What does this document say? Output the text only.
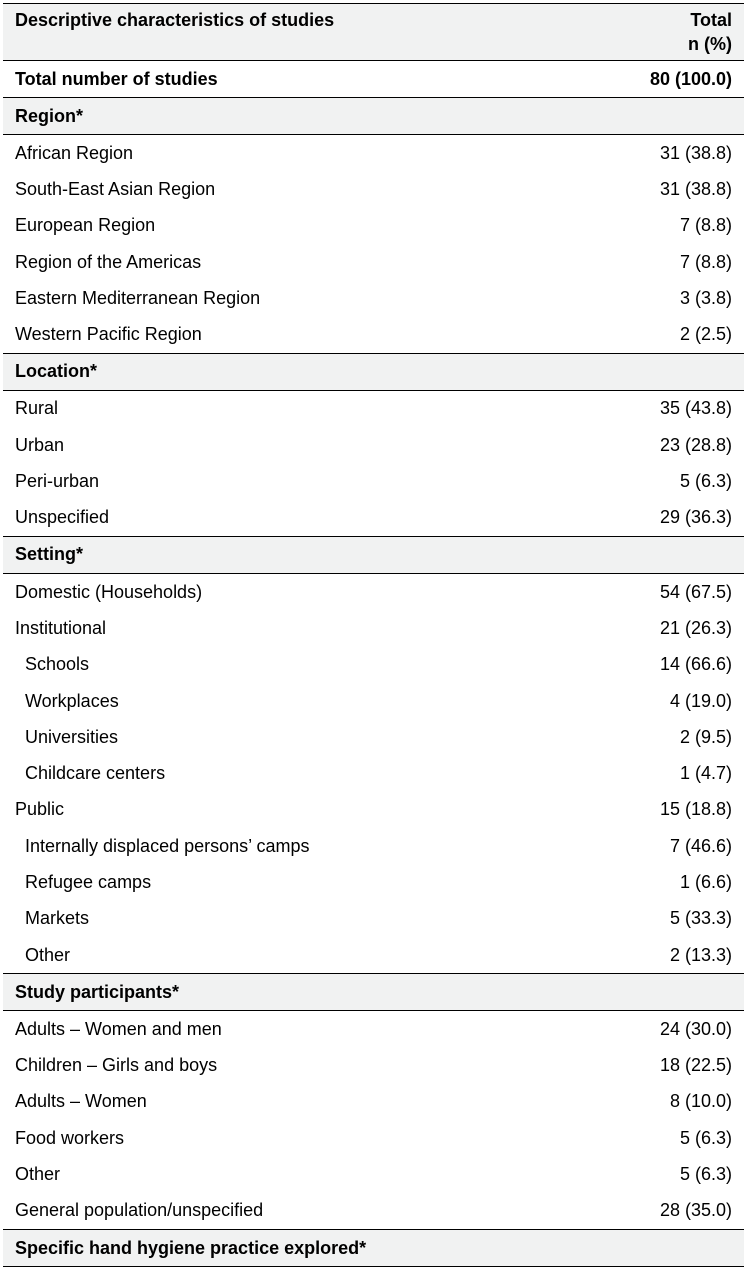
Descriptive characteristics of studies	Total
n (%)

Total number of studies	80 (100.0)
Region*	
African Region	31 (38.8)
South-East Asian Region	31 (38.8)
European Region	7 (8.8)
Region of the Americas	7 (8.8)
Eastern Mediterranean Region	3 (3.8)
Western Pacific Region	2 (2.5)
Location*	
Rural	35 (43.8)
Urban	23 (28.8)
Peri-urban	5 (6.3)
Unspecified	29 (36.3)
Setting*	
Domestic (Households)	54 (67.5)
Institutional	21 (26.3)
Schools	14 (66.6)
Workplaces	4 (19.0)
Universities	2 (9.5)
Childcare centers	1 (4.7)
Public	15 (18.8)
Internally displaced persons’ camps	7 (46.6)
Refugee camps	1 (6.6)
Markets	5 (33.3)
Other	2 (13.3)
Study participants*	
Adults – Women and men	24 (30.0)
Children – Girls and boys	18 (22.5)
Adults – Women	8 (10.0)
Food workers	5 (6.3)
Other	5 (6.3)
General population/unspecified	28 (35.0)
Specific hand hygiene practice explored*	
